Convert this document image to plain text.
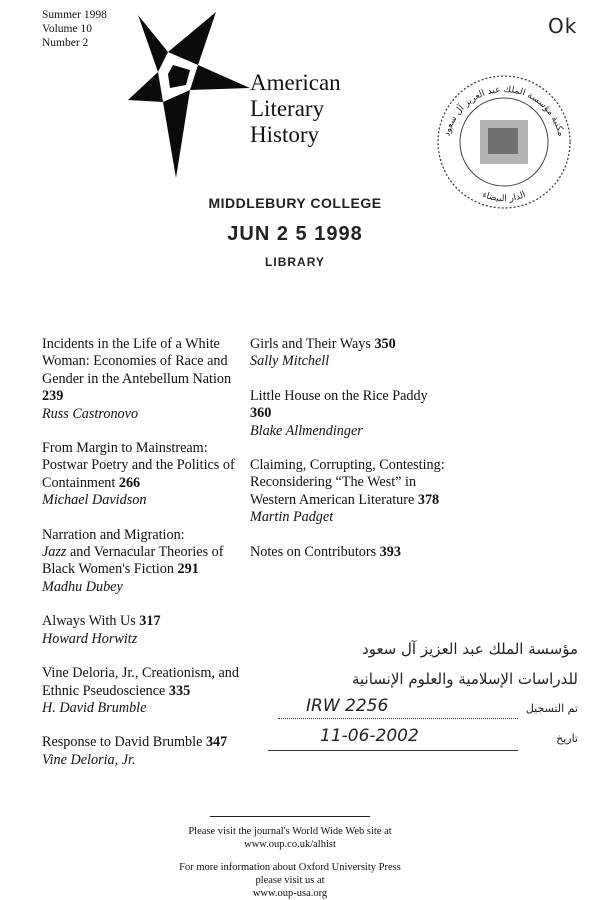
Summer 1998
Volume 10
Number 2
Ok
American
Literary
History	مكتبة مؤسسة الملك عبد العزيز آل سعود
الدار البيضاء
MIDDLEBURY COLLEGE
JUN 2 5 1998
LIBRARY
Incidents in the Life of a White Woman: Economies of Race and Gender in the Antebellum Nation 239
Russ Castronovo
From Margin to Mainstream: Postwar Poetry and the Politics of Containment 266
Michael Davidson
Narration and Migration:
Jazz and Vernacular Theories of Black Women's Fiction 291
Madhu Dubey
Always With Us 317
Howard Horwitz
Vine Deloria, Jr., Creationism, and Ethnic Pseudoscience 335
H. David Brumble
Response to David Brumble 347
Vine Deloria, Jr.
Girls and Their Ways 350
Sally Mitchell
Little House on the Rice Paddy 360
Blake Allmendinger
Claiming, Corrupting, Contesting: Reconsidering “The West” in Western American Literature 378
Martin Padget
Notes on Contributors 393
مؤسسة الملك عبد العزيز آل سعود
للدراسات الإسلامية والعلوم الإنسانية
تم التسجيل
IRW 2256
تاريخ
11-06-2002
Please visit the journal's World Wide Web site at
www.oup.co.uk/alhist
For more information about Oxford University Press
please visit us at
www.oup-usa.org
